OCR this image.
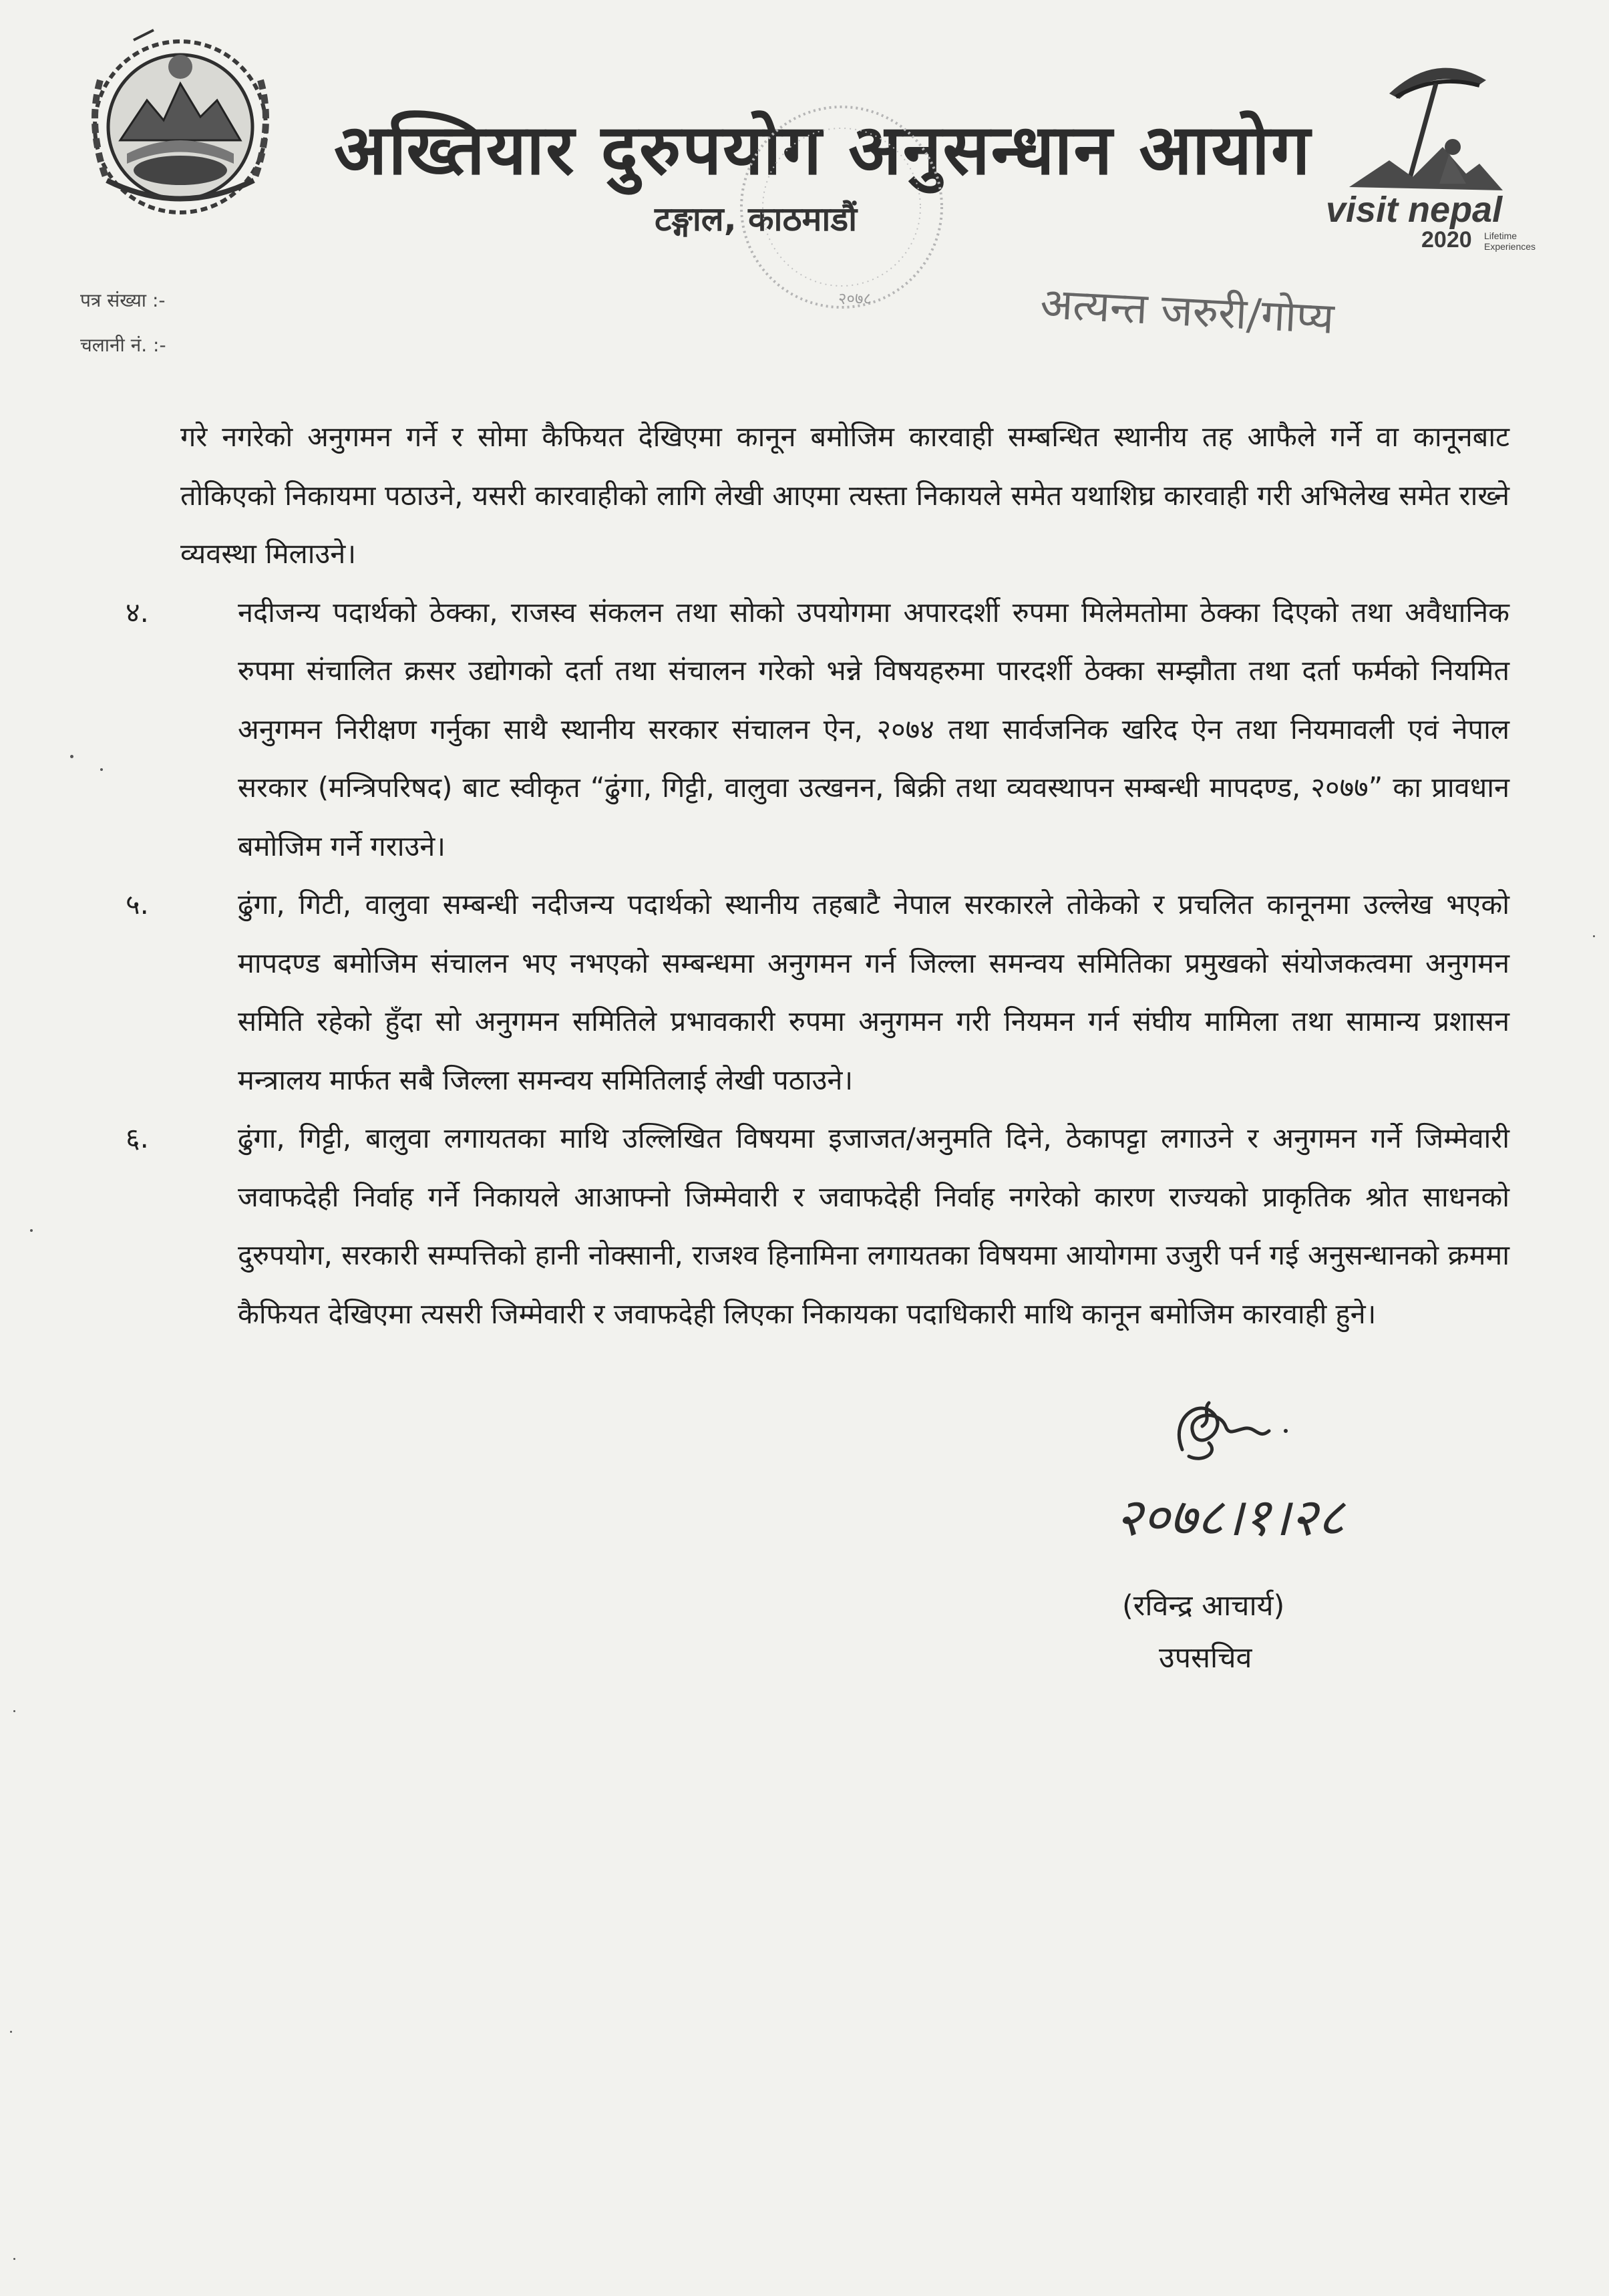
अख्तियार दुरुपयोग अनुसन्धान आयोग
टङ्गाल, काठमाडौं
२०७८
visit nepal
2020 Lifetime
Experiences
पत्र संख्या :-
चलानी नं. :-
अत्यन्त जरुरी/गोप्य

गरे नगरेको अनुगमन गर्ने र सोमा कैफियत देखिएमा कानून बमोजिम कारवाही सम्बन्धित स्थानीय तह आफैले गर्ने वा कानूनबाट तोकिएको निकायमा पठाउने, यसरी कारवाहीको लागि लेखी आएमा त्यस्ता निकायले समेत यथाशिघ्र कारवाही गरी अभिलेख समेत राख्ने व्यवस्था मिलाउने।

४.	नदीजन्य पदार्थको ठेक्का, राजस्व संकलन तथा सोको उपयोगमा अपारदर्शी रुपमा मिलेमतोमा ठेक्का दिएको तथा अवैधानिक रुपमा संचालित क्रसर उद्योगको दर्ता तथा संचालन गरेको भन्ने विषयहरुमा पारदर्शी ठेक्का सम्झौता तथा दर्ता फर्मको नियमित अनुगमन निरीक्षण गर्नुका साथै स्थानीय सरकार संचालन ऐन, २०७४ तथा सार्वजनिक खरिद ऐन तथा नियमावली एवं नेपाल सरकार (मन्त्रिपरिषद) बाट स्वीकृत “ढुंगा, गिट्टी, वालुवा उत्खनन, बिक्री तथा व्यवस्थापन सम्बन्धी मापदण्ड, २०७७” का प्रावधान बमोजिम गर्ने गराउने।

५.	ढुंगा, गिटी, वालुवा सम्बन्धी नदीजन्य पदार्थको स्थानीय तहबाटै नेपाल सरकारले तोकेको र प्रचलित कानूनमा उल्लेख भएको मापदण्ड बमोजिम संचालन भए नभएको सम्बन्धमा अनुगमन गर्न जिल्ला समन्वय समितिका प्रमुखको संयोजकत्वमा अनुगमन समिति रहेको हुँदा सो अनुगमन समितिले प्रभावकारी रुपमा अनुगमन गरी नियमन गर्न संघीय मामिला तथा सामान्य प्रशासन मन्त्रालय मार्फत सबै जिल्ला समन्वय समितिलाई लेखी पठाउने।

६.	ढुंगा, गिट्टी, बालुवा लगायतका माथि उल्लिखित विषयमा इजाजत/अनुमति दिने, ठेकापट्टा लगाउने र अनुगमन गर्ने जिम्मेवारी जवाफदेही निर्वाह गर्ने निकायले आआफ्नो जिम्मेवारी र जवाफदेही निर्वाह नगरेको कारण राज्यको प्राकृतिक श्रोत साधनको दुरुपयोग, सरकारी सम्पत्तिको हानी नोक्सानी, राजश्व हिनामिना लगायतका विषयमा आयोगमा उजुरी पर्न गई अनुसन्धानको क्रममा कैफियत देखिएमा त्यसरी जिम्मेवारी र जवाफदेही लिएका निकायका पदाधिकारी माथि कानून बमोजिम कारवाही हुने।

२०७८।१।२८
(रविन्द्र आचार्य)
उपसचिव
